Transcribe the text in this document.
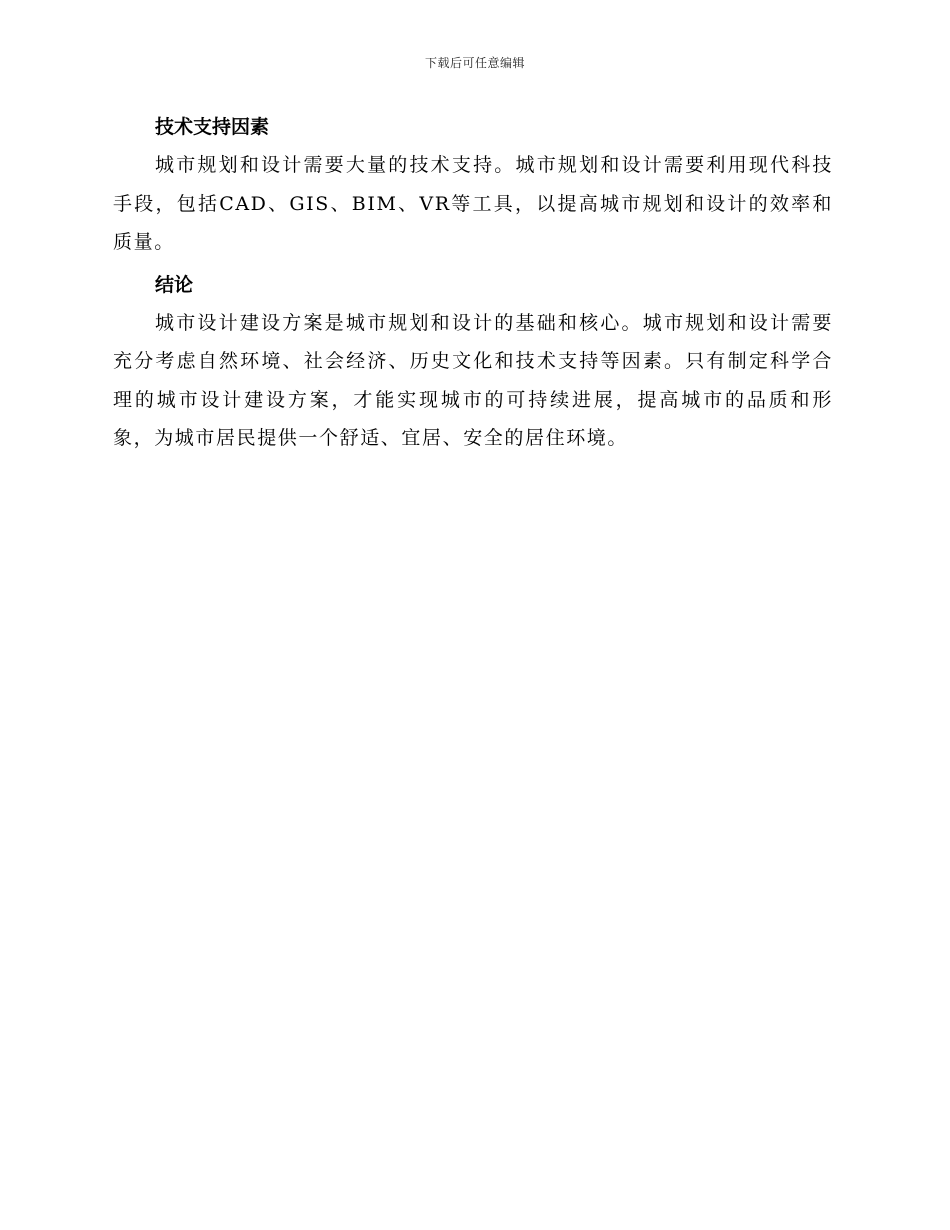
下载后可任意编辑
技术支持因素

城市规划和设计需要大量的技术支持。城市规划和设计需要利用现代科技手段，包括CAD、GIS、BIM、VR等工具，以提高城市规划和设计的效率和质量。

结论

城市设计建设方案是城市规划和设计的基础和核心。城市规划和设计需要充分考虑自然环境、社会经济、历史文化和技术支持等因素。只有制定科学合理的城市设计建设方案，才能实现城市的可持续进展，提高城市的品质和形象，为城市居民提供一个舒适、宜居、安全的居住环境。
